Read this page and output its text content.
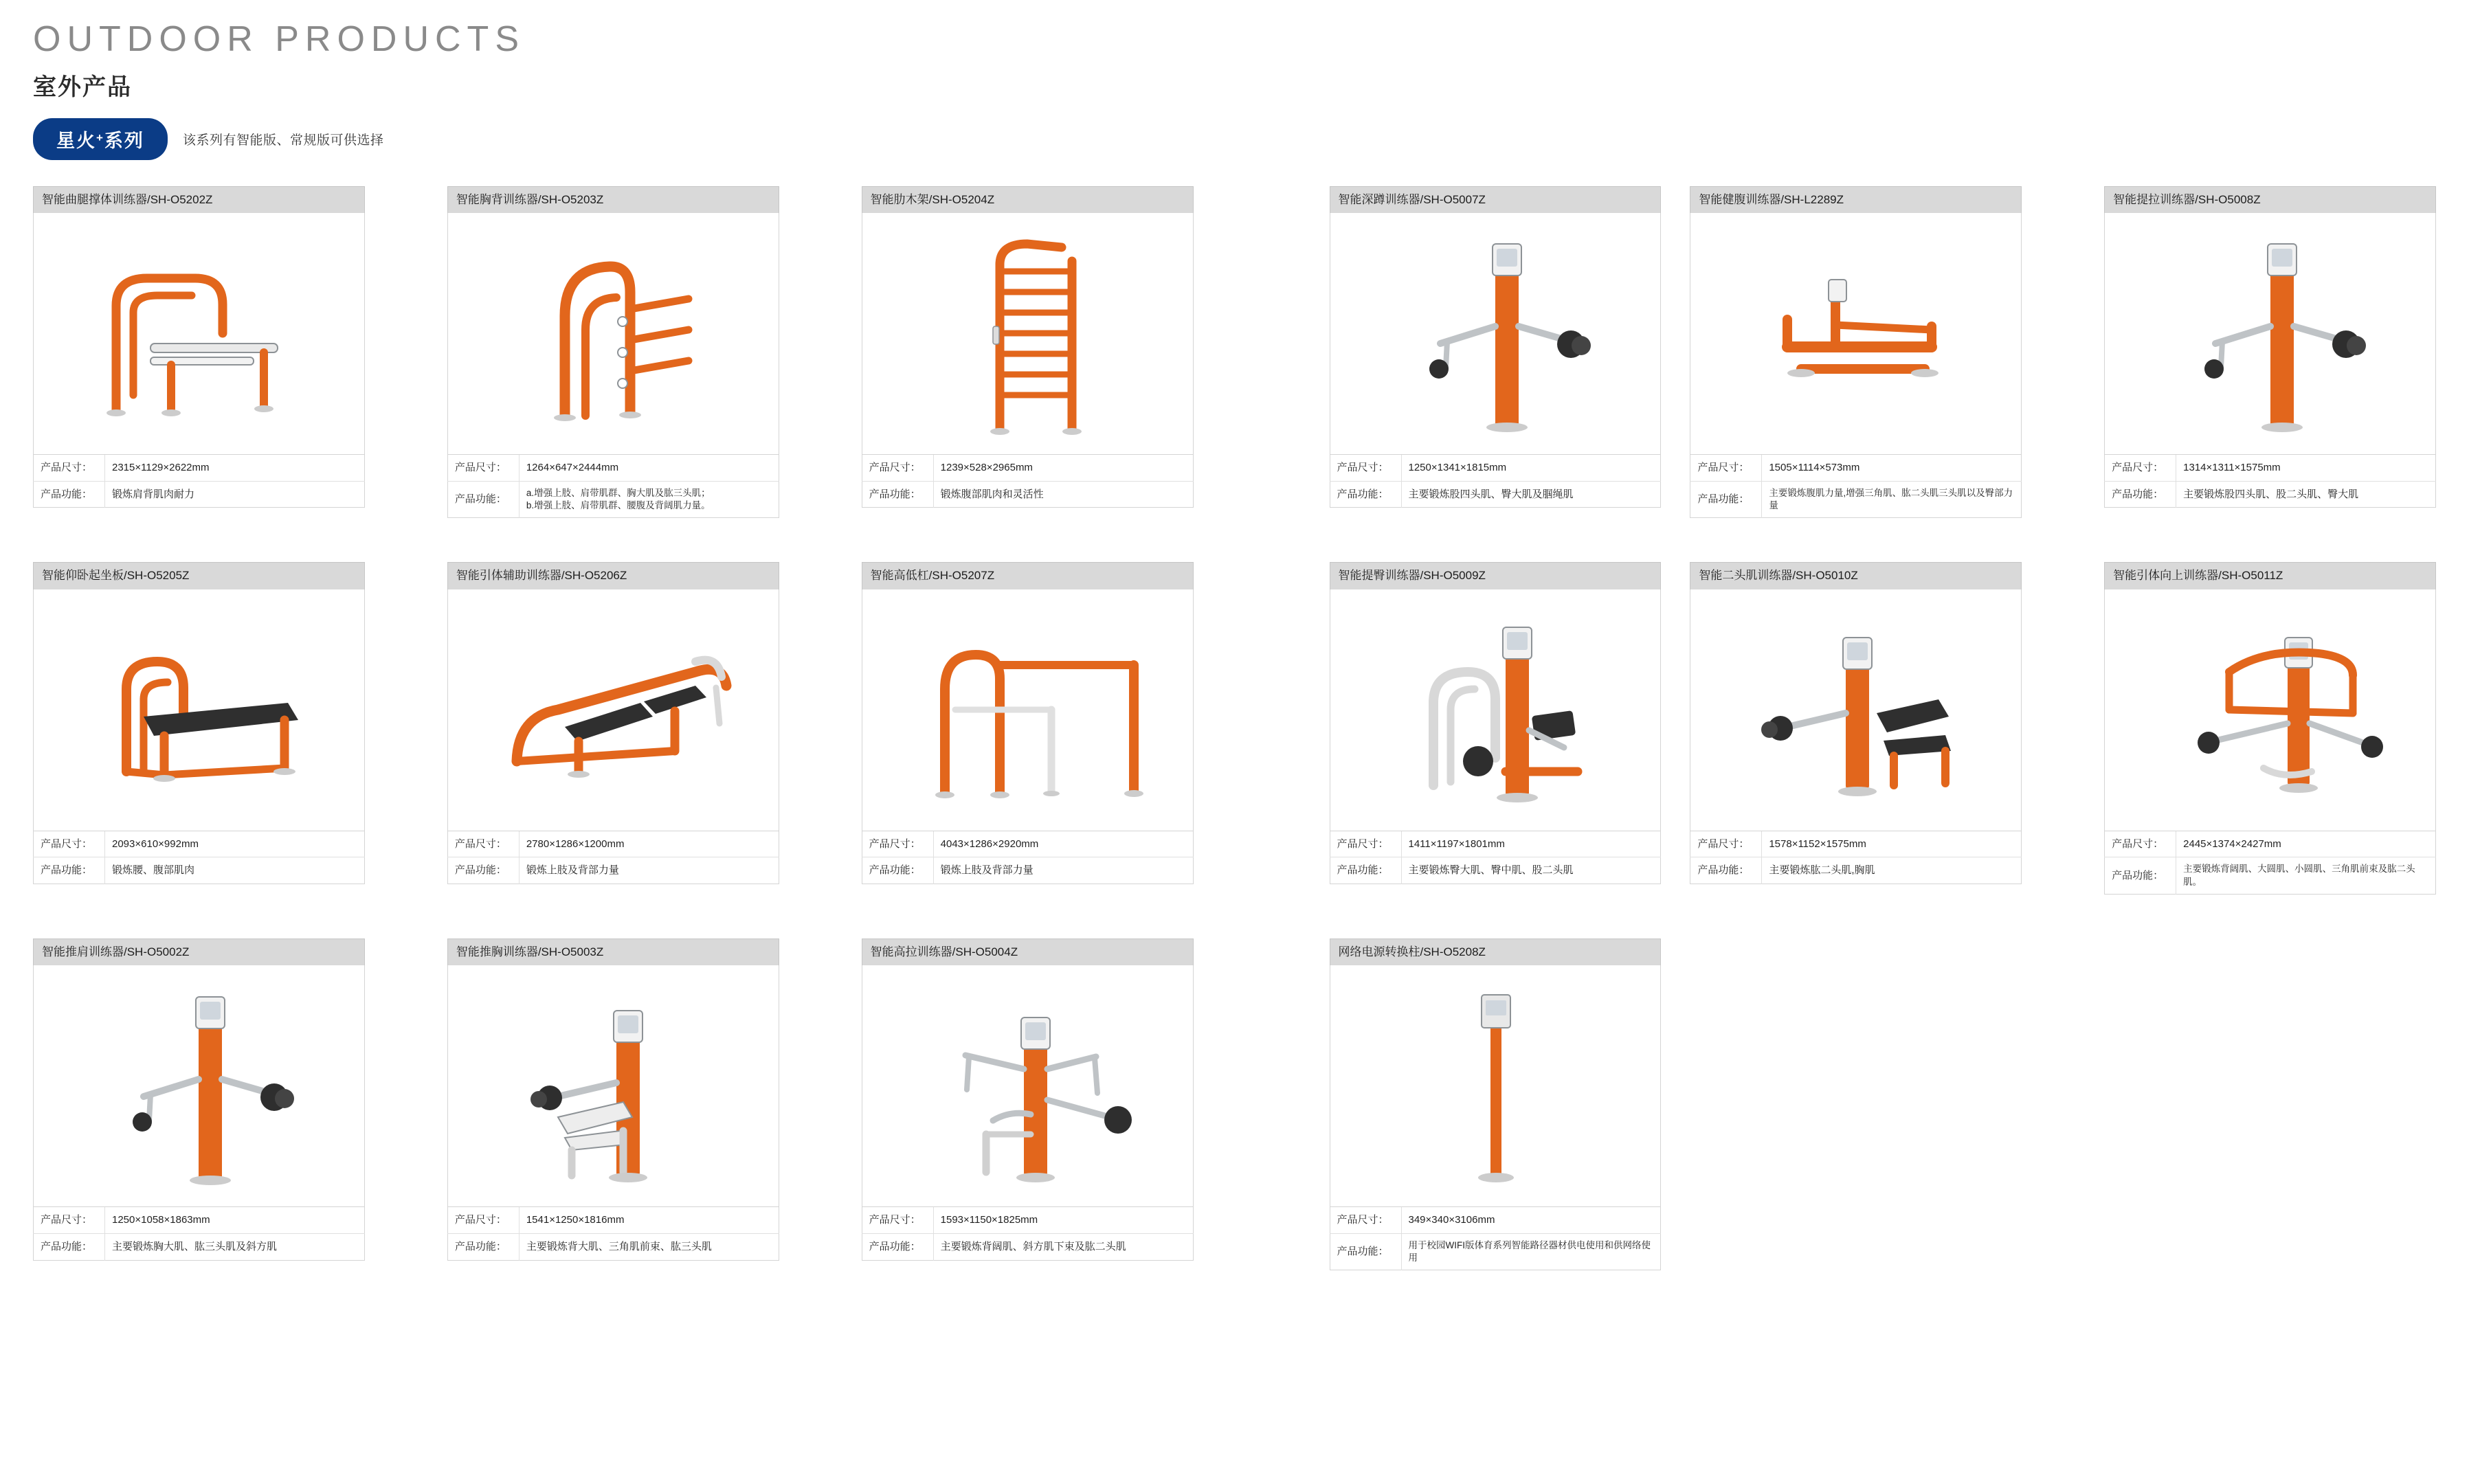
OUTDOOR PRODUCTS
室外产品
星火 + 系列	该系列有智能版、常规版可供选择
智能曲腿撑体训练器/SH-O5202Z
产品尺寸：	2315×1129×2622mm
产品功能：	锻炼肩背肌肉耐力
智能胸背训练器/SH-O5203Z
产品尺寸：	1264×647×2444mm
产品功能：	a.增强上肢、肩带肌群、胸大肌及肱三头肌；
b.增强上肢、肩带肌群、腰腹及背阔肌力量。
智能肋木架/SH-O5204Z
产品尺寸：	1239×528×2965mm
产品功能：	锻炼腹部肌肉和灵活性
智能深蹲训练器/SH-O5007Z
产品尺寸：	1250×1341×1815mm
产品功能：	主要锻炼股四头肌、臀大肌及腘绳肌
智能健腹训练器/SH-L2289Z
产品尺寸：	1505×1114×573mm
产品功能：	主要锻炼腹肌力量,增强三角肌、肱二头肌三头肌以及臀部力量
智能提拉训练器/SH-O5008Z
产品尺寸：	1314×1311×1575mm
产品功能：	主要锻炼股四头肌、股二头肌、臀大肌
智能仰卧起坐板/SH-O5205Z
产品尺寸：	2093×610×992mm
产品功能：	锻炼腰、腹部肌肉
智能引体辅助训练器/SH-O5206Z
产品尺寸：	2780×1286×1200mm
产品功能：	锻炼上肢及背部力量
智能高低杠/SH-O5207Z
产品尺寸：	4043×1286×2920mm
产品功能：	锻炼上肢及背部力量
智能提臀训练器/SH-O5009Z
产品尺寸：	1411×1197×1801mm
产品功能：	主要锻炼臀大肌、臀中肌、股二头肌
智能二头肌训练器/SH-O5010Z
产品尺寸：	1578×1152×1575mm
产品功能：	主要锻炼肱二头肌,胸肌
智能引体向上训练器/SH-O5011Z
产品尺寸：	2445×1374×2427mm
产品功能：	主要锻炼背阔肌、大圆肌、小圆肌、三角肌前束及肱二头肌。
智能推肩训练器/SH-O5002Z
产品尺寸：	1250×1058×1863mm
产品功能：	主要锻炼胸大肌、肱三头肌及斜方肌
智能推胸训练器/SH-O5003Z
产品尺寸：	1541×1250×1816mm
产品功能：	主要锻炼背大肌、三角肌前束、肱三头肌
智能高拉训练器/SH-O5004Z
产品尺寸：	1593×1150×1825mm
产品功能：	主要锻炼背阔肌、斜方肌下束及肱二头肌
网络电源转换柱/SH-O5208Z
产品尺寸：	349×340×3106mm
产品功能：	用于校园WIFI版体育系列智能路径器材供电使用和供网络使用
